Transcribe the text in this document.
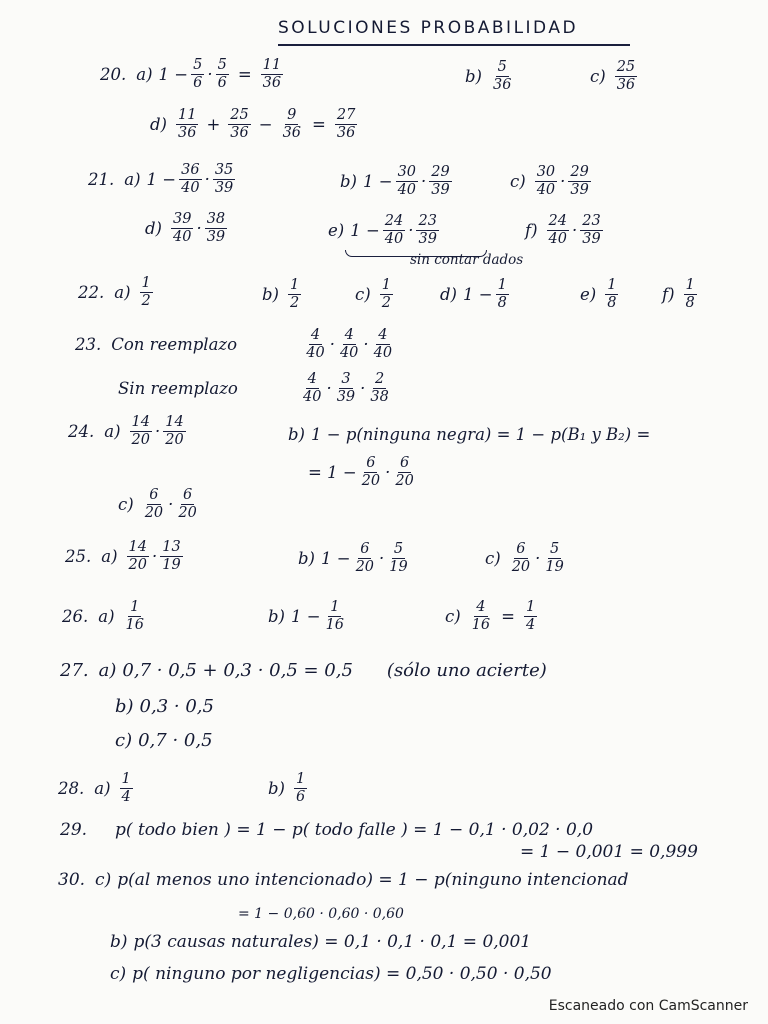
SOLUCIONES PROBABILIDAD
20. a) $1 - \frac{5}{6} \cdot \frac{5}{6} = \frac{11}{36}$	$b) \frac{5}{36}$	$c) \frac{25}{36}$
$d) \frac{11}{36} + \frac{25}{36} - \frac{9}{36} = \frac{27}{36}$
21. a) $1 - \frac{36}{40} \cdot \frac{35}{39}$	b) $1 - \frac{30}{40} \cdot \frac{29}{39}$	$c) \frac{30}{40} \cdot \frac{29}{39}$
$d) \frac{39}{40} \cdot \frac{38}{39}$	e) $1 - \frac{24}{40} \cdot \frac{23}{39}$
sin contar dados
$f) \frac{24}{40} \cdot \frac{23}{39}$
22. $a) \frac{1}{2}$	$b) \frac{1}{2}$	$c) \frac{1}{2}$	d) $1 - \frac{1}{8}$	$e) \frac{1}{8}$	$f) \frac{1}{8}$
23. Con reemplazo	$\frac{4}{40} \cdot \frac{4}{40} \cdot \frac{4}{40}$
Sin reemplazo	$\frac{4}{40} \cdot \frac{3}{39} \cdot \frac{2}{38}$
24. $a) \frac{14}{20} \cdot \frac{14}{20}$	b) 1 − p(ninguna negra) = 1 − p(B₁ y B₂) =
= $1 - \frac{6}{20} \cdot \frac{6}{20}$
$c) \frac{6}{20} \cdot \frac{6}{20}$
25. $a) \frac{14}{20} \cdot \frac{13}{19}$	b) $1 - \frac{6}{20} \cdot \frac{5}{19}$	$c) \frac{6}{20} \cdot \frac{5}{19}$
26. $a) \frac{1}{16}$	b) $1 - \frac{1}{16}$	$c) \frac{4}{16} = \frac{1}{4}$
27. a) 0,7 · 0,5 + 0,3 · 0,5 = 0,5 (sólo uno acierte)
b) 0,3 · 0,5
c) 0,7 · 0,5
28. $a) \frac{1}{4}$	$b) \frac{1}{6}$
29. p( todo bien ) = 1 − p( todo falle ) = 1 − 0,1 · 0,02 · 0,0
= 1 − 0,001 = 0,999
30. c) p(al menos uno intencionado) = 1 − p(ninguno intencionad
= 1 − 0,60 · 0,60 · 0,60
b) p(3 causas naturales) = 0,1 · 0,1 · 0,1 = 0,001
c) p( ninguno por negligencias) = 0,50 · 0,50 · 0,50
Escaneado con CamScanner
